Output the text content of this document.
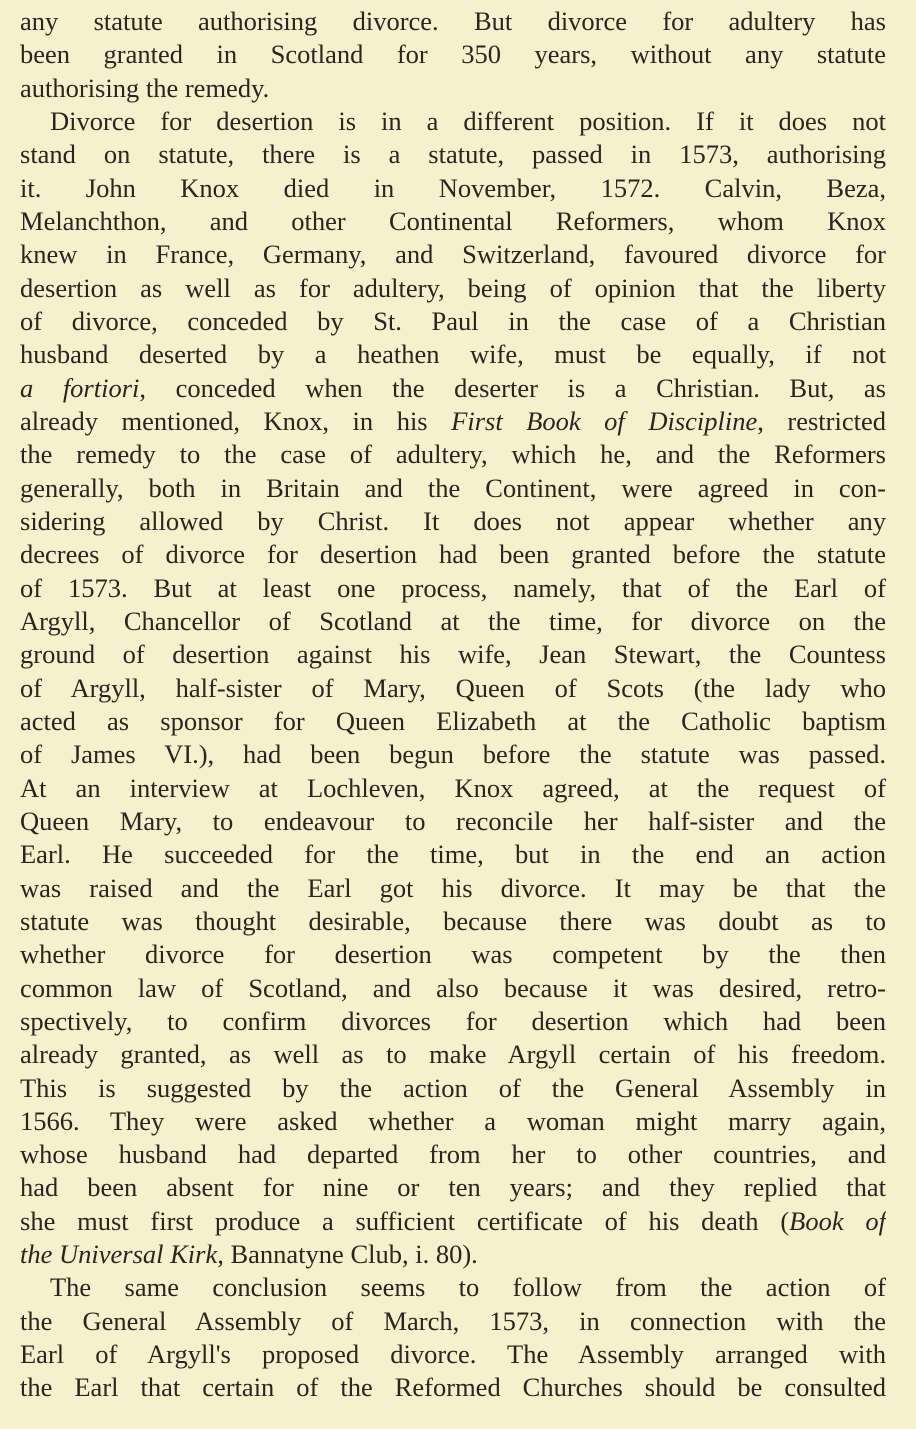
any statute authorising divorce. But divorce for adultery has
been granted in Scotland for 350 years, without any statute
authorising the remedy.
Divorce for desertion is in a different position. If it does not
stand on statute, there is a statute, passed in 1573, authorising
it. John Knox died in November, 1572. Calvin, Beza,
Melanchthon, and other Continental Reformers, whom Knox
knew in France, Germany, and Switzerland, favoured divorce for
desertion as well as for adultery, being of opinion that the liberty
of divorce, conceded by St. Paul in the case of a Christian
husband deserted by a heathen wife, must be equally, if not
a fortiori, conceded when the deserter is a Christian. But, as
already mentioned, Knox, in his First Book of Discipline, restricted
the remedy to the case of adultery, which he, and the Reformers
generally, both in Britain and the Continent, were agreed in con-
sidering allowed by Christ. It does not appear whether any
decrees of divorce for desertion had been granted before the statute
of 1573. But at least one process, namely, that of the Earl of
Argyll, Chancellor of Scotland at the time, for divorce on the
ground of desertion against his wife, Jean Stewart, the Countess
of Argyll, half-sister of Mary, Queen of Scots (the lady who
acted as sponsor for Queen Elizabeth at the Catholic baptism
of James VI.), had been begun before the statute was passed.
At an interview at Lochleven, Knox agreed, at the request of
Queen Mary, to endeavour to reconcile her half-sister and the
Earl. He succeeded for the time, but in the end an action
was raised and the Earl got his divorce. It may be that the
statute was thought desirable, because there was doubt as to
whether divorce for desertion was competent by the then
common law of Scotland, and also because it was desired, retro-
spectively, to confirm divorces for desertion which had been
already granted, as well as to make Argyll certain of his freedom.
This is suggested by the action of the General Assembly in
1566. They were asked whether a woman might marry again,
whose husband had departed from her to other countries, and
had been absent for nine or ten years; and they replied that
she must first produce a sufficient certificate of his death (Book of
the Universal Kirk, Bannatyne Club, i. 80).
The same conclusion seems to follow from the action of
the General Assembly of March, 1573, in connection with the
Earl of Argyll's proposed divorce. The Assembly arranged with
the Earl that certain of the Reformed Churches should be consulted
